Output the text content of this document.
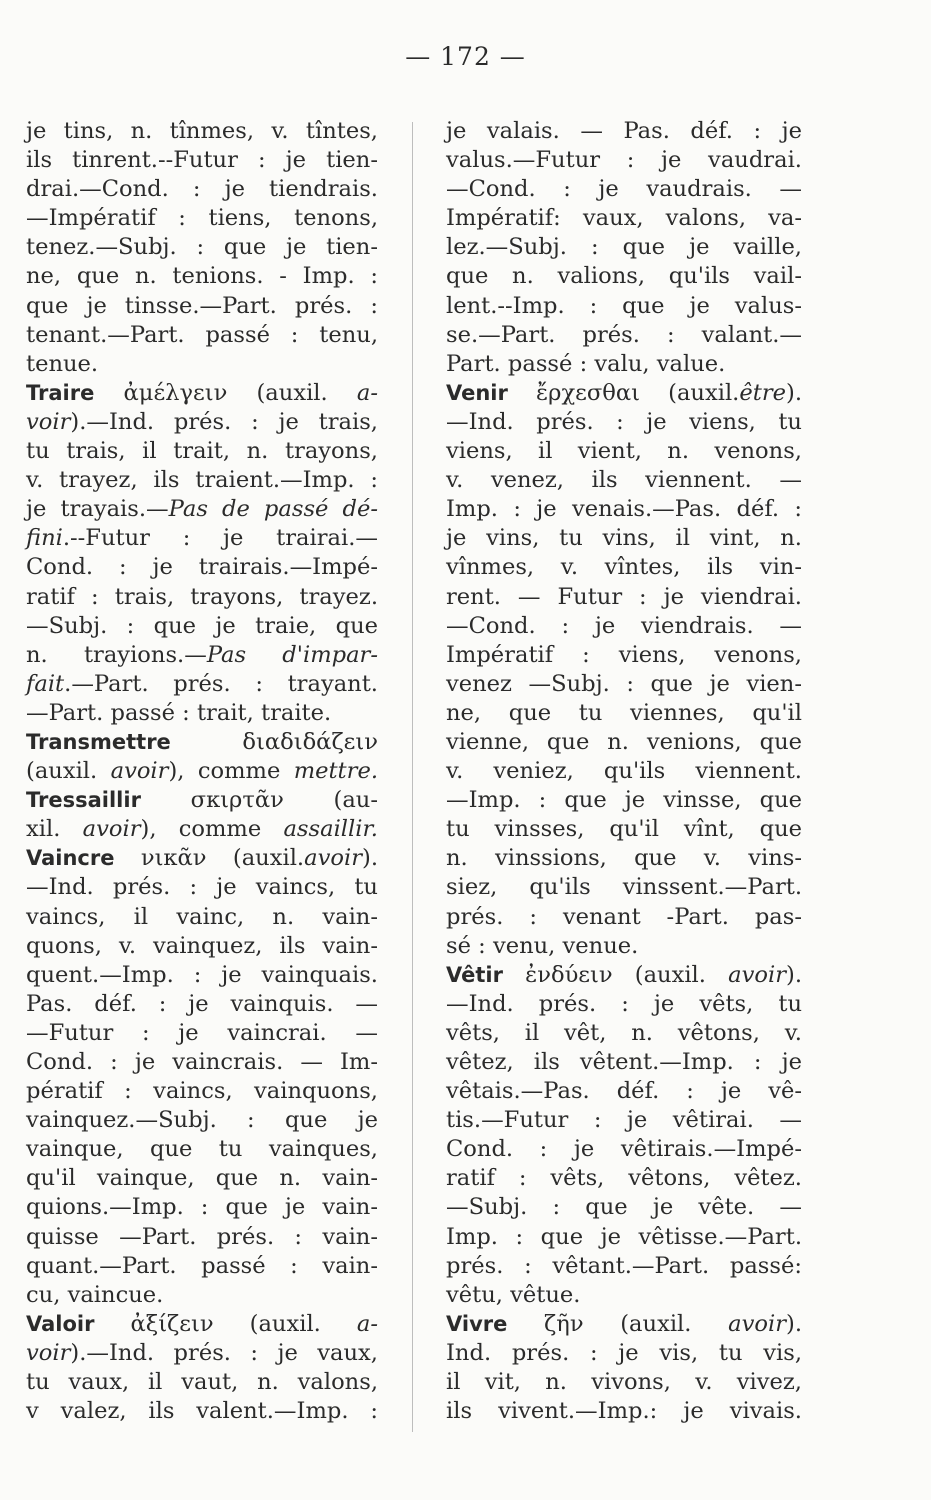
— 172 —
je tins, n. tînmes, v. tîntes,
ils tinrent.--Futur : je tien-
drai.—Cond. : je tiendrais.
—Impératif : tiens, tenons,
tenez.—Subj. : que je tien-
ne, que n. tenions. - Imp. :
que je tinsse.—Part. prés. :
tenant.—Part. passé : tenu,
tenue.
Traire ἀμέλγειν (auxil. a-
voir).—Ind. prés. : je trais,
tu trais, il trait, n. trayons,
v. trayez, ils traient.—Imp. :
je trayais.—Pas de passé dé-
fini.--Futur : je trairai.—
Cond. : je trairais.—Impé-
ratif : trais, trayons, trayez.
—Subj. : que je traie, que
n. trayions.—Pas d'impar-
fait.—Part. prés. : trayant.
—Part. passé : trait, traite.
Transmettre διαδιδάζειν
(auxil. avoir), comme mettre.
Tressaillir σκιρτᾶν (au-
xil. avoir), comme assaillir.
Vaincre νικᾶν (auxil.avoir).
—Ind. prés. : je vaincs, tu
vaincs, il vainc, n. vain-
quons, v. vainquez, ils vain-
quent.—Imp. : je vainquais.
Pas. déf. : je vainquis. —
—Futur : je vaincrai. —
Cond. : je vaincrais. — Im-
pératif : vaincs, vainquons,
vainquez.—Subj. : que je
vainque, que tu vainques,
qu'il vainque, que n. vain-
quions.—Imp. : que je vain-
quisse —Part. prés. : vain-
quant.—Part. passé : vain-
cu, vaincue.
Valoir ἀξίζειν (auxil. a-
voir).—Ind. prés. : je vaux,
tu vaux, il vaut, n. valons,
v valez, ils valent.—Imp. :
je valais. — Pas. déf. : je
valus.—Futur : je vaudrai.
—Cond. : je vaudrais. —
Impératif: vaux, valons, va-
lez.—Subj. : que je vaille,
que n. valions, qu'ils vail-
lent.--Imp. : que je valus-
se.—Part. prés. : valant.—
Part. passé : valu, value.
Venir ἔρχεσθαι (auxil.être).
—Ind. prés. : je viens, tu
viens, il vient, n. venons,
v. venez, ils viennent. —
Imp. : je venais.—Pas. déf. :
je vins, tu vins, il vint, n.
vînmes, v. vîntes, ils vin-
rent. — Futur : je viendrai.
—Cond. : je viendrais. —
Impératif : viens, venons,
venez —Subj. : que je vien-
ne, que tu viennes, qu'il
vienne, que n. venions, que
v. veniez, qu'ils viennent.
—Imp. : que je vinsse, que
tu vinsses, qu'il vînt, que
n. vinssions, que v. vins-
siez, qu'ils vinssent.—Part.
prés. : venant -Part. pas-
sé : venu, venue.
Vêtir ἐνδύειν (auxil. avoir).
—Ind. prés. : je vêts, tu
vêts, il vêt, n. vêtons, v.
vêtez, ils vêtent.—Imp. : je
vêtais.—Pas. déf. : je vê-
tis.—Futur : je vêtirai. —
Cond. : je vêtirais.—Impé-
ratif : vêts, vêtons, vêtez.
—Subj. : que je vête. —
Imp. : que je vêtisse.—Part.
prés. : vêtant.—Part. passé:
vêtu, vêtue.
Vivre ζῆν (auxil. avoir).
Ind. prés. : je vis, tu vis,
il vit, n. vivons, v. vivez,
ils vivent.—Imp.: je vivais.
